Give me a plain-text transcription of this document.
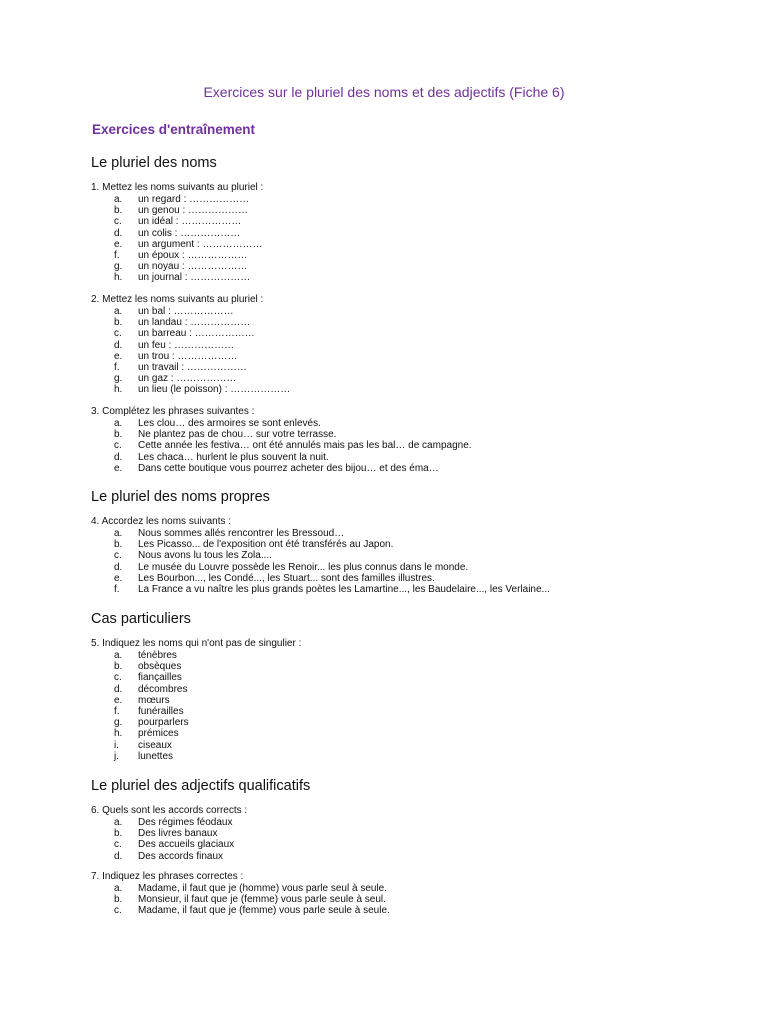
Exercices sur le pluriel des noms et des adjectifs (Fiche 6)
Exercices d'entraînement
Le pluriel des noms
Le pluriel des noms propres
Cas particuliers
Le pluriel des adjectifs qualificatifs
1. Mettez les noms suivants au pluriel :
a.	un regard : ………………
b.	un genou : ………………
c.	un idéal : ………………
d.	un colis : ………………
e.	un argument : ………………
f.	un époux : ………………
g.	un noyau : ………………
h.	un journal : ………………
2. Mettez les noms suivants au pluriel :
a.	un bal : ………………
b.	un landau : ………………
c.	un barreau : ………………
d.	un feu : ………………
e.	un trou : ………………
f.	un travail : ………………
g.	un gaz : ………………
h.	un lieu (le poisson) : ………………
3. Complétez les phrases suivantes :
a.	Les clou… des armoires se sont enlevés.
b.	Ne plantez pas de chou… sur votre terrasse.
c.	Cette année les festiva… ont été annulés mais pas les bal… de campagne.
d.	Les chaca… hurlent le plus souvent la nuit.
e.	Dans cette boutique vous pourrez acheter des bijou… et des éma…
4. Accordez les noms suivants :
a.	Nous sommes allés rencontrer les Bressoud…
b.	Les Picasso... de l'exposition ont été transférés au Japon.
c.	Nous avons lu tous les Zola....
d.	Le musée du Louvre possède les Renoir... les plus connus dans le monde.
e.	Les Bourbon..., les Condé..., les Stuart... sont des familles illustres.
f.	La France a vu naître les plus grands poètes les Lamartine..., les Baudelaire..., les Verlaine...
5. Indiquez les noms qui n'ont pas de singulier :
a.	ténèbres
b.	obsèques
c.	fiançailles
d.	décombres
e.	mœurs
f.	funérailles
g.	pourparlers
h.	prémices
i.	ciseaux
j.	lunettes
6. Quels sont les accords corrects :
a.	Des régimes féodaux
b.	Des livres banaux
c.	Des accueils glaciaux
d.	Des accords finaux
7. Indiquez les phrases correctes :
a.	Madame, il faut que je (homme) vous parle seul à seule.
b.	Monsieur, il faut que je (femme) vous parle seule à seul.
c.	Madame, il faut que je (femme) vous parle seule à seule.
